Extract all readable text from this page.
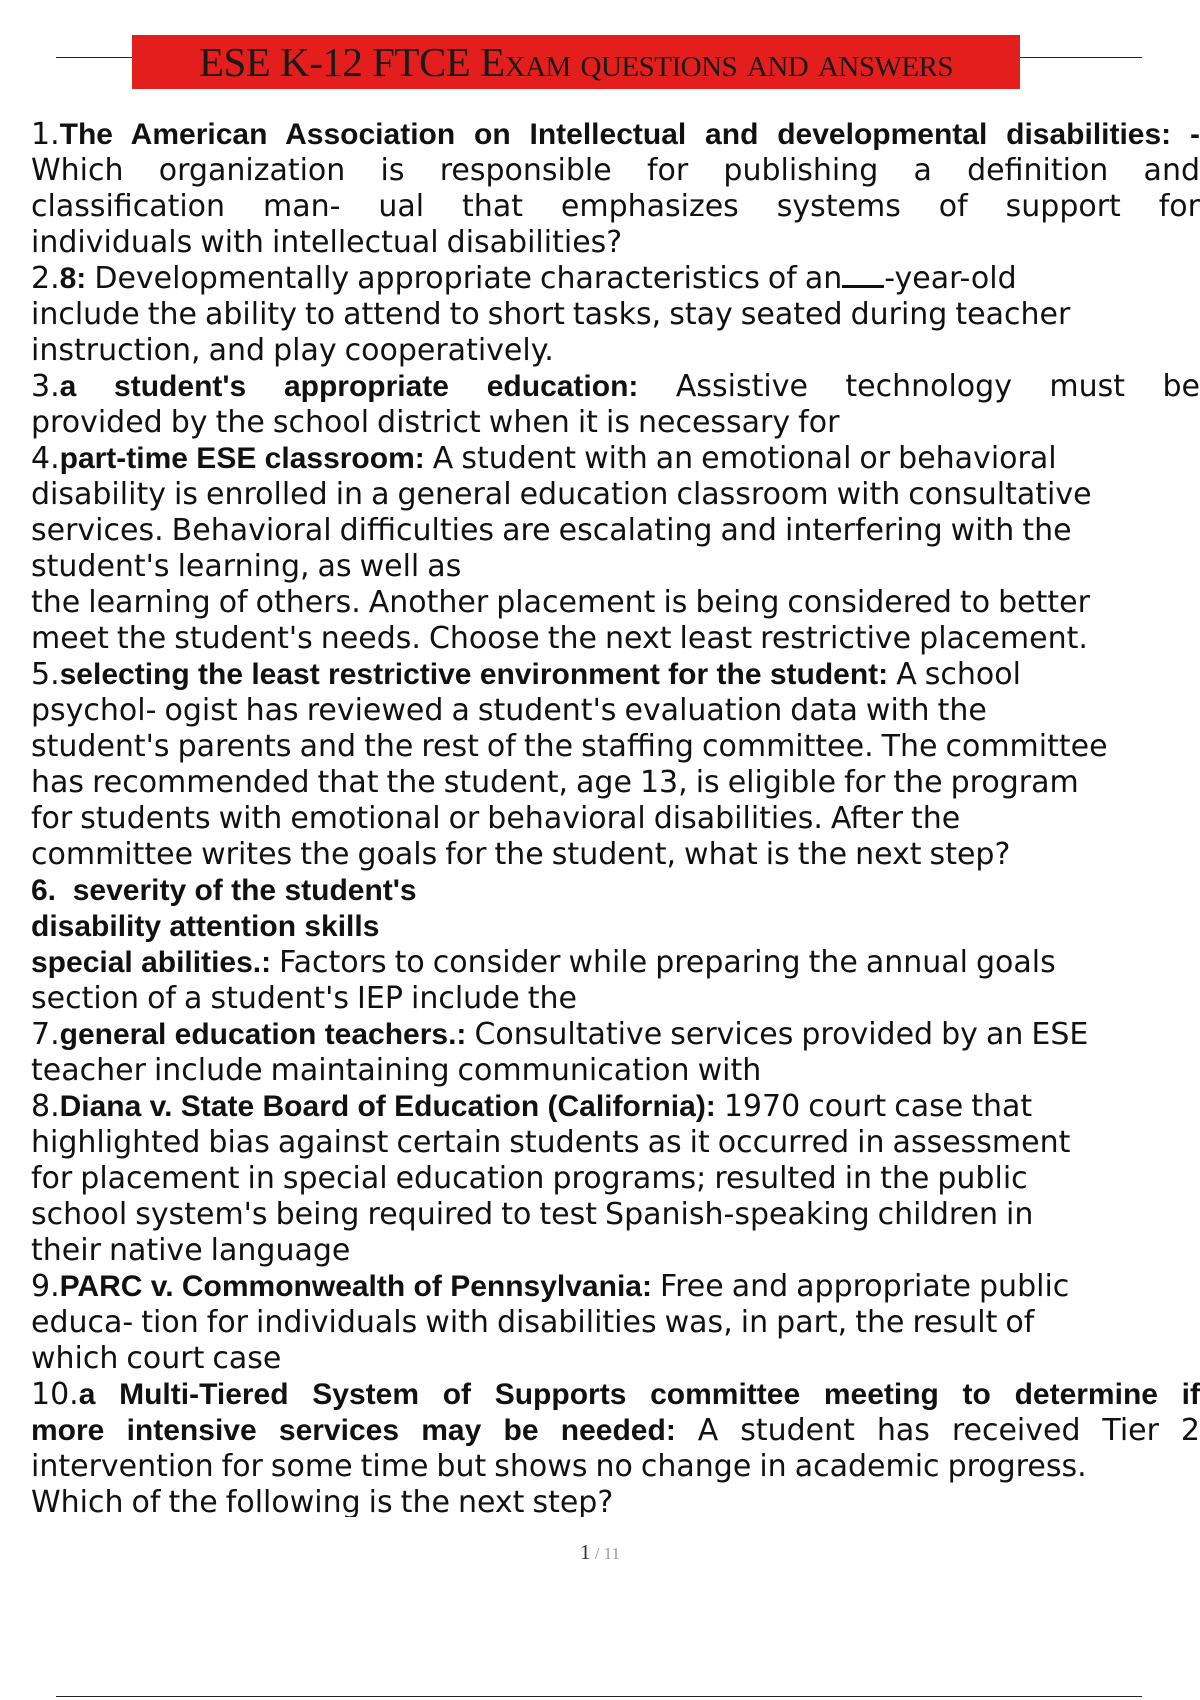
ESE K-12 FTCE Exam questions and answers
1.The American Association on Intellectual and developmental disabilities: -
Which organization is responsible for publishing a definition and
classification man- ual that emphasizes systems of support for
individuals with intellectual disabilities?
2.8: Developmentally appropriate characteristics of an -year-old
include the ability to attend to short tasks, stay seated during teacher
instruction, and play cooperatively.
3.a student's appropriate education: Assistive technology must be
provided by the school district when it is necessary for
4.part-time ESE classroom: A student with an emotional or behavioral
disability is enrolled in a general education classroom with consultative
services. Behavioral difficulties are escalating and interfering with the
student's learning, as well as
the learning of others. Another placement is being considered to better
meet the student's needs. Choose the next least restrictive placement.
5.selecting the least restrictive environment for the student: A school
psychol- ogist has reviewed a student's evaluation data with the
student's parents and the rest of the staffing committee. The committee
has recommended that the student, age 13, is eligible for the program
for students with emotional or behavioral disabilities. After the
committee writes the goals for the student, what is the next step?
6. severity of the student's
disability attention skills
special abilities.: Factors to consider while preparing the annual goals
section of a student's IEP include the
7.general education teachers.: Consultative services provided by an ESE
teacher include maintaining communication with
8.Diana v. State Board of Education (California): 1970 court case that
highlighted bias against certain students as it occurred in assessment
for placement in special education programs; resulted in the public
school system's being required to test Spanish-speaking children in
their native language
9.PARC v. Commonwealth of Pennsylvania: Free and appropriate public
educa- tion for individuals with disabilities was, in part, the result of
which court case
10.a Multi-Tiered System of Supports committee meeting to determine if
more intensive services may be needed: A student has received Tier 2
intervention for some time but shows no change in academic progress.
Which of the following is the next step?
1 / 11
